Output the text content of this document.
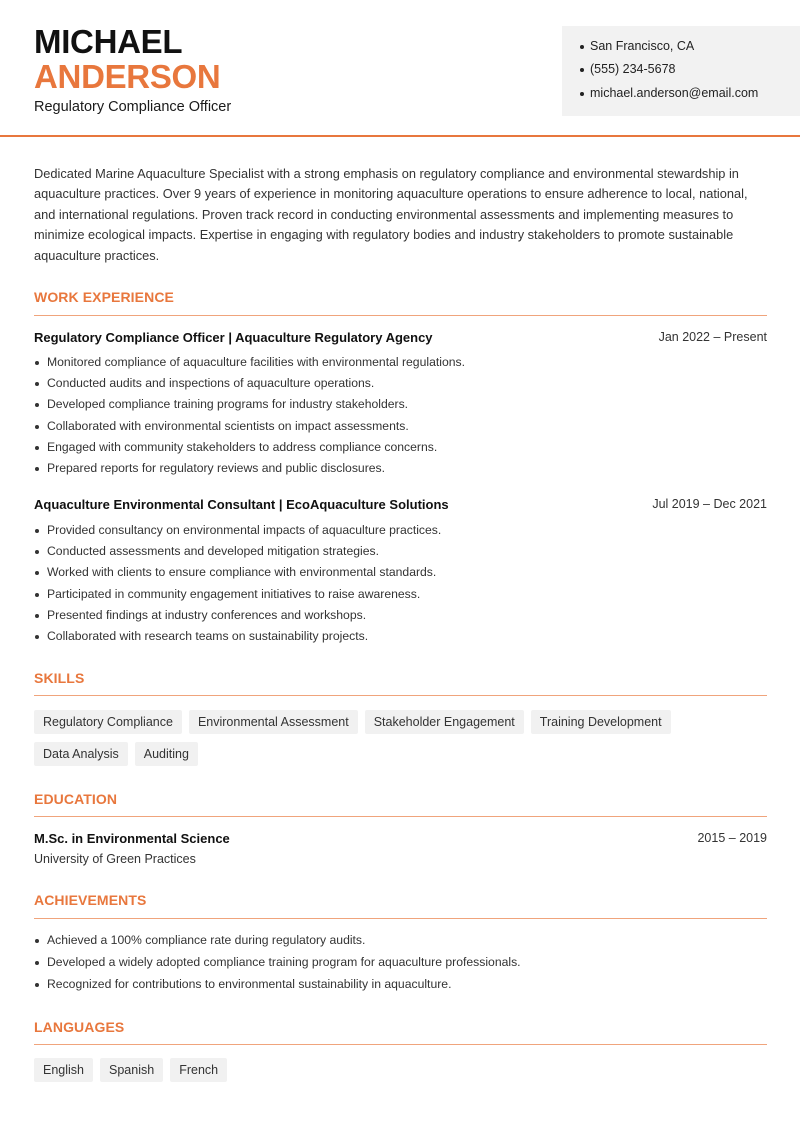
MICHAEL
ANDERSON
Regulatory Compliance Officer
San Francisco, CA
(555) 234-5678
michael.anderson@email.com

Dedicated Marine Aquaculture Specialist with a strong emphasis on regulatory compliance and environmental stewardship in aquaculture practices. Over 9 years of experience in monitoring aquaculture operations to ensure adherence to local, national, and international regulations. Proven track record in conducting environmental assessments and implementing measures to minimize ecological impacts. Expertise in engaging with regulatory bodies and industry stakeholders to promote sustainable aquaculture practices.

WORK EXPERIENCE
Regulatory Compliance Officer | Aquaculture Regulatory Agency	Jan 2022 – Present
Monitored compliance of aquaculture facilities with environmental regulations.
Conducted audits and inspections of aquaculture operations.
Developed compliance training programs for industry stakeholders.
Collaborated with environmental scientists on impact assessments.
Engaged with community stakeholders to address compliance concerns.
Prepared reports for regulatory reviews and public disclosures.
Aquaculture Environmental Consultant | EcoAquaculture Solutions	Jul 2019 – Dec 2021
Provided consultancy on environmental impacts of aquaculture practices.
Conducted assessments and developed mitigation strategies.
Worked with clients to ensure compliance with environmental standards.
Participated in community engagement initiatives to raise awareness.
Presented findings at industry conferences and workshops.
Collaborated with research teams on sustainability projects.
SKILLS
Regulatory Compliance	Environmental Assessment	Stakeholder Engagement	Training Development
Data Analysis	Auditing
EDUCATION
M.Sc. in Environmental Science	2015 – 2019
University of Green Practices
ACHIEVEMENTS
Achieved a 100% compliance rate during regulatory audits.
Developed a widely adopted compliance training program for aquaculture professionals.
Recognized for contributions to environmental sustainability in aquaculture.
LANGUAGES
English	Spanish	French
